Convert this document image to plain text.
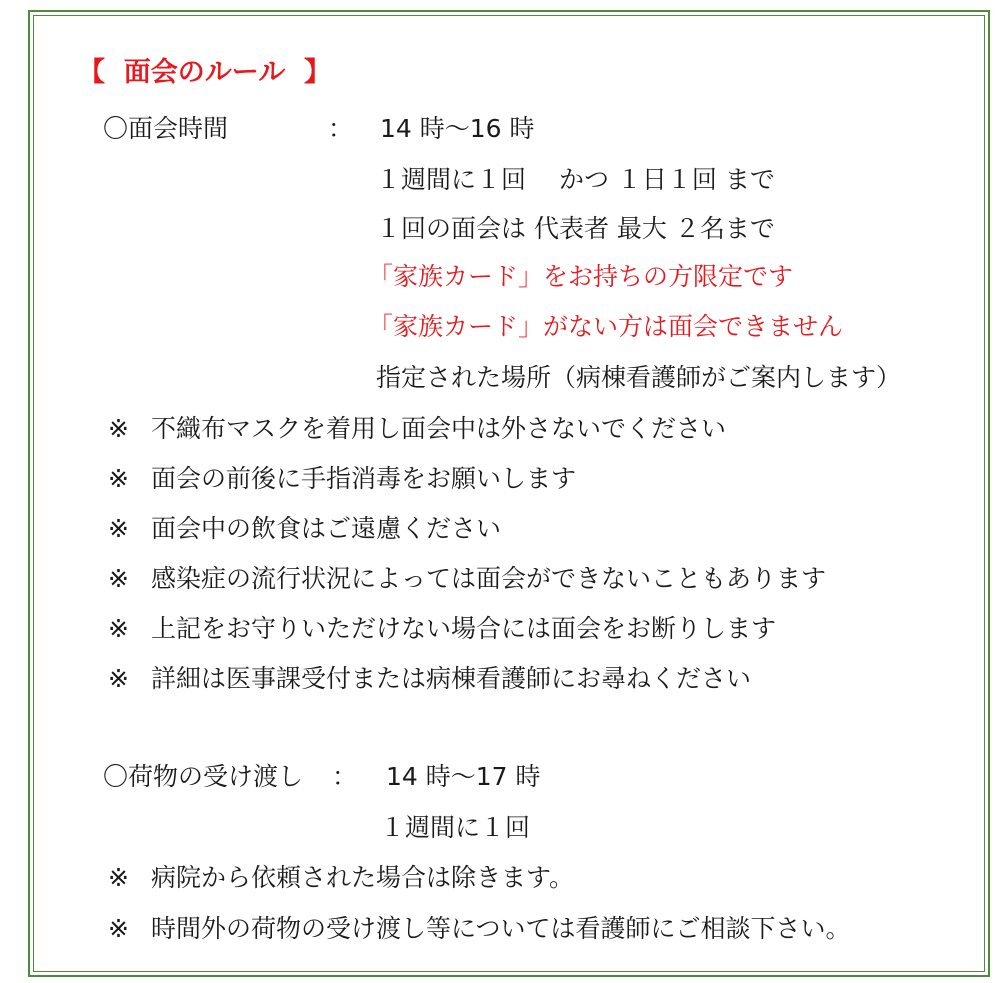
【  面会のルール  】
〇面会時間	： 14 時～16 時
１週間に１回　 かつ １日１回 まで
１回の面会は 代表者 最大 ２名まで
「家族カード」をお持ちの方限定です
「家族カード」がない方は面会できません
指定された場所（病棟看護師がご案内します）
※ 不織布マスクを着用し面会中は外さないでください
※ 面会の前後に手指消毒をお願いします
※ 面会中の飲食はご遠慮ください
※ 感染症の流行状況によっては面会ができないこともあります
※ 上記をお守りいただけない場合には面会をお断りします
※ 詳細は医事課受付または病棟看護師にお尋ねください
〇荷物の受け渡し ： 14 時～17 時
１週間に１回
※ 病院から依頼された場合は除きます。
※ 時間外の荷物の受け渡し等については看護師にご相談下さい。
